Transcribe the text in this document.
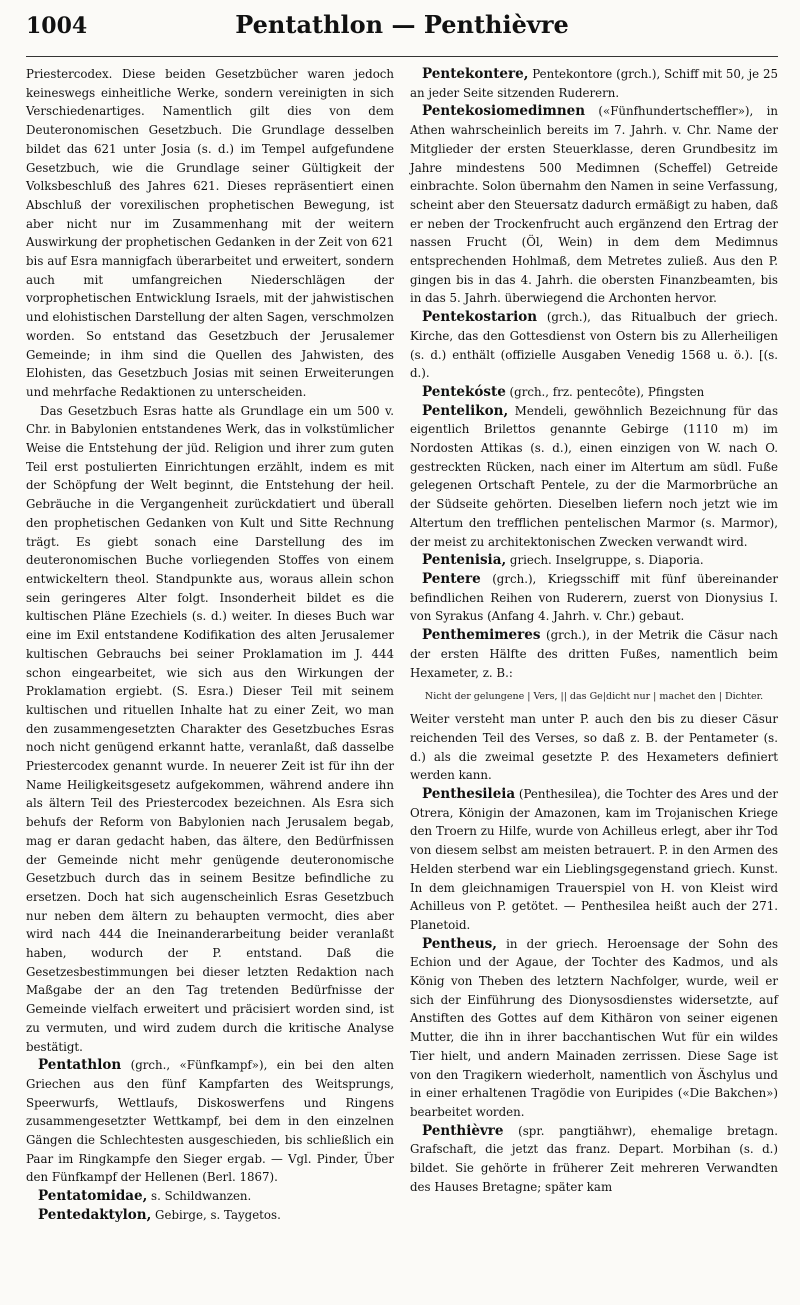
1004	Pentathlon — Penthièvre

Priestercodex. Diese beiden Gesetzbücher waren jedoch keineswegs einheitliche Werke, sondern vereinigten in sich Verschiedenartiges. Namentlich gilt dies von dem Deuteronomischen Gesetzbuch. Die Grundlage desselben bildet das 621 unter Josia (s. d.) im Tempel aufgefundene Gesetzbuch, wie die Grundlage seiner Gültigkeit der Volksbeschluß des Jahres 621. Dieses repräsentiert einen Abschluß der vorexilischen prophetischen Bewegung, ist aber nicht nur im Zusammenhang mit der weitern Auswirkung der prophetischen Gedanken in der Zeit von 621 bis auf Esra mannigfach überarbeitet und erweitert, sondern auch mit umfangreichen Niederschlägen der vorprophetischen Entwicklung Israels, mit der jahwistischen und elohistischen Darstellung der alten Sagen, verschmolzen worden. So entstand das Gesetzbuch der Jerusalemer Gemeinde; in ihm sind die Quellen des Jahwisten, des Elohisten, das Gesetzbuch Josias mit seinen Erweiterungen und mehrfache Redaktionen zu unterscheiden.

Das Gesetzbuch Esras hatte als Grundlage ein um 500 v. Chr. in Babylonien entstandenes Werk, das in volkstümlicher Weise die Entstehung der jüd. Religion und ihrer zum guten Teil erst postulierten Einrichtungen erzählt, indem es mit der Schöpfung der Welt beginnt, die Entstehung der heil. Gebräuche in die Vergangenheit zurückdatiert und überall den prophetischen Gedanken von Kult und Sitte Rechnung trägt. Es giebt sonach eine Darstellung des im deuteronomischen Buche vorliegenden Stoffes von einem entwickeltern theol. Standpunkte aus, woraus allein schon sein geringeres Alter folgt. Insonderheit bildet es die kultischen Pläne Ezechiels (s. d.) weiter. In dieses Buch war eine im Exil entstandene Kodifikation des alten Jerusalemer kultischen Gebrauchs bei seiner Proklamation im J. 444 schon eingearbeitet, wie sich aus den Wirkungen der Proklamation ergiebt. (S. Esra.) Dieser Teil mit seinem kultischen und rituellen Inhalte hat zu einer Zeit, wo man den zusammengesetzten Charakter des Gesetzbuches Esras noch nicht genügend erkannt hatte, veranlaßt, daß dasselbe Priestercodex genannt wurde. In neuerer Zeit ist für ihn der Name Heiligkeitsgesetz aufgekommen, während andere ihn als ältern Teil des Priestercodex bezeichnen. Als Esra sich behufs der Reform von Babylonien nach Jerusalem begab, mag er daran gedacht haben, das ältere, den Bedürfnissen der Gemeinde nicht mehr genügende deuteronomische Gesetzbuch durch das in seinem Besitze befindliche zu ersetzen. Doch hat sich augenscheinlich Esras Gesetzbuch nur neben dem ältern zu behaupten vermocht, dies aber wird nach 444 die Ineinanderarbeitung beider veranlaßt haben, wodurch der P. entstand. Daß die Gesetzesbestimmungen bei dieser letzten Redaktion nach Maßgabe der an den Tag tretenden Bedürfnisse der Gemeinde vielfach erweitert und präcisiert worden sind, ist zu vermuten, und wird zudem durch die kritische Analyse bestätigt.

Pentathlon (grch., «Fünfkampf»), ein bei den alten Griechen aus den fünf Kampfarten des Weitsprungs, Speerwurfs, Wettlaufs, Diskoswerfens und Ringens zusammengesetzter Wettkampf, bei dem in den einzelnen Gängen die Schlechtesten ausgeschieden, bis schließlich ein Paar im Ringkampfe den Sieger ergab. — Vgl. Pinder, Über den Fünfkampf der Hellenen (Berl. 1867).

Pentatomidae, s. Schildwanzen.

Pentedaktylon, Gebirge, s. Taygetos.

Pentekontere, Pentekontore (grch.), Schiff mit 50, je 25 an jeder Seite sitzenden Ruderern.

Pentekosiomedimnen («Fünfhundertscheffler»), in Athen wahrscheinlich bereits im 7. Jahrh. v. Chr. Name der Mitglieder der ersten Steuerklasse, deren Grundbesitz im Jahre mindestens 500 Medimnen (Scheffel) Getreide einbrachte. Solon übernahm den Namen in seine Verfassung, scheint aber den Steuersatz dadurch ermäßigt zu haben, daß er neben der Trockenfrucht auch ergänzend den Ertrag der nassen Frucht (Öl, Wein) in dem dem Medimnus entsprechenden Hohlmaß, dem Metretes zuließ. Aus den P. gingen bis in das 4. Jahrh. die obersten Finanzbeamten, bis in das 5. Jahrh. überwiegend die Archonten hervor.

Pentekostarion (grch.), das Ritualbuch der griech. Kirche, das den Gottesdienst von Ostern bis zu Allerheiligen (s. d.) enthält (offizielle Ausgaben Venedig 1568 u. ö.). [(s. d.).

Pentekóste (grch., frz. pentecôte), Pfingsten

Pentelikon, Mendeli, gewöhnlich Bezeichnung für das eigentlich Brilettos genannte Gebirge (1110 m) im Nordosten Attikas (s. d.), einen einzigen von W. nach O. gestreckten Rücken, nach einer im Altertum am südl. Fuße gelegenen Ortschaft Pentele, zu der die Marmorbrüche an der Südseite gehörten. Dieselben liefern noch jetzt wie im Altertum den trefflichen pentelischen Marmor (s. Marmor), der meist zu architektonischen Zwecken verwandt wird.

Pentenisia, griech. Inselgruppe, s. Diaporia.

Pentere (grch.), Kriegsschiff mit fünf übereinander befindlichen Reihen von Ruderern, zuerst von Dionysius I. von Syrakus (Anfang 4. Jahrh. v. Chr.) gebaut.

Penthemimeres (grch.), in der Metrik die Cäsur nach der ersten Hälfte des dritten Fußes, namentlich beim Hexameter, z. B.:

Nicht der gelungene | Vers, || das Ge|dicht nur | machet den | Dichter.

Weiter versteht man unter P. auch den bis zu dieser Cäsur reichenden Teil des Verses, so daß z. B. der Pentameter (s. d.) als die zweimal gesetzte P. des Hexameters definiert werden kann.

Penthesileia (Penthesilea), die Tochter des Ares und der Otrera, Königin der Amazonen, kam im Trojanischen Kriege den Troern zu Hilfe, wurde von Achilleus erlegt, aber ihr Tod von diesem selbst am meisten betrauert. P. in den Armen des Helden sterbend war ein Lieblingsgegenstand griech. Kunst. In dem gleichnamigen Trauerspiel von H. von Kleist wird Achilleus von P. getötet. — Penthesilea heißt auch der 271. Planetoid.

Pentheus, in der griech. Heroensage der Sohn des Echion und der Agaue, der Tochter des Kadmos, und als König von Theben des letztern Nachfolger, wurde, weil er sich der Einführung des Dionysosdienstes widersetzte, auf Anstiften des Gottes auf dem Kithäron von seiner eigenen Mutter, die ihn in ihrer bacchantischen Wut für ein wildes Tier hielt, und andern Mainaden zerrissen. Diese Sage ist von den Tragikern wiederholt, namentlich von Äschylus und in einer erhaltenen Tragödie von Euripides («Die Bakchen») bearbeitet worden.

Penthièvre (spr. pangtiähwr), ehemalige bretagn. Grafschaft, die jetzt das franz. Depart. Morbihan (s. d.) bildet. Sie gehörte in früherer Zeit mehreren Verwandten des Hauses Bretagne; später kam
